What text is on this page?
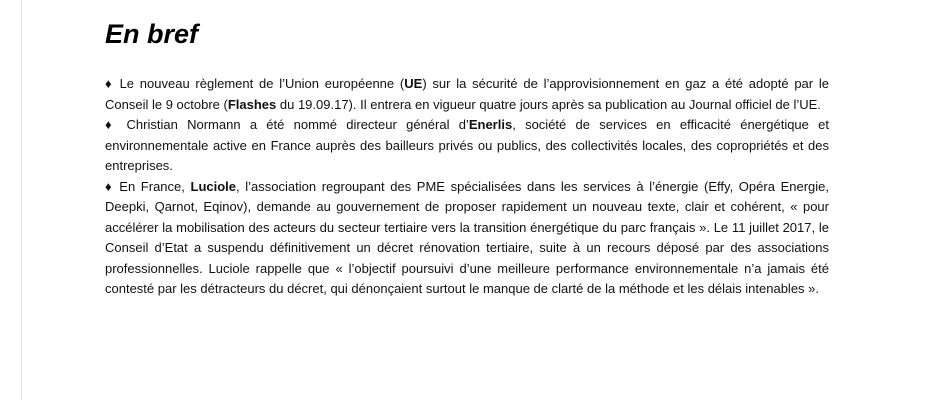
En bref

♦ Le nouveau règlement de l’Union européenne (UE) sur la sécurité de l’approvisionnement en gaz a été adopté par le Conseil le 9 octobre (Flashes du 19.09.17). Il entrera en vigueur quatre jours après sa publication au Journal officiel de l’UE.

♦ Christian Normann a été nommé directeur général d’Enerlis, société de services en efficacité énergétique et environnementale active en France auprès des bailleurs privés ou publics, des collectivités locales, des copropriétés et des entreprises.

♦ En France, Luciole, l’association regroupant des PME spécialisées dans les services à l’énergie (Effy, Opéra Energie, Deepki, Qarnot, Eqinov), demande au gouvernement de proposer rapidement un nouveau texte, clair et cohérent, « pour accélérer la mobilisation des acteurs du secteur tertiaire vers la transition énergétique du parc français ». Le 11 juillet 2017, le Conseil d’Etat a suspendu définitivement un décret rénovation tertiaire, suite à un recours déposé par des associations professionnelles. Luciole rappelle que « l’objectif poursuivi d’une meilleure performance environnementale n’a jamais été contesté par les détracteurs du décret, qui dénonçaient surtout le manque de clarté de la méthode et les délais intenables ».
